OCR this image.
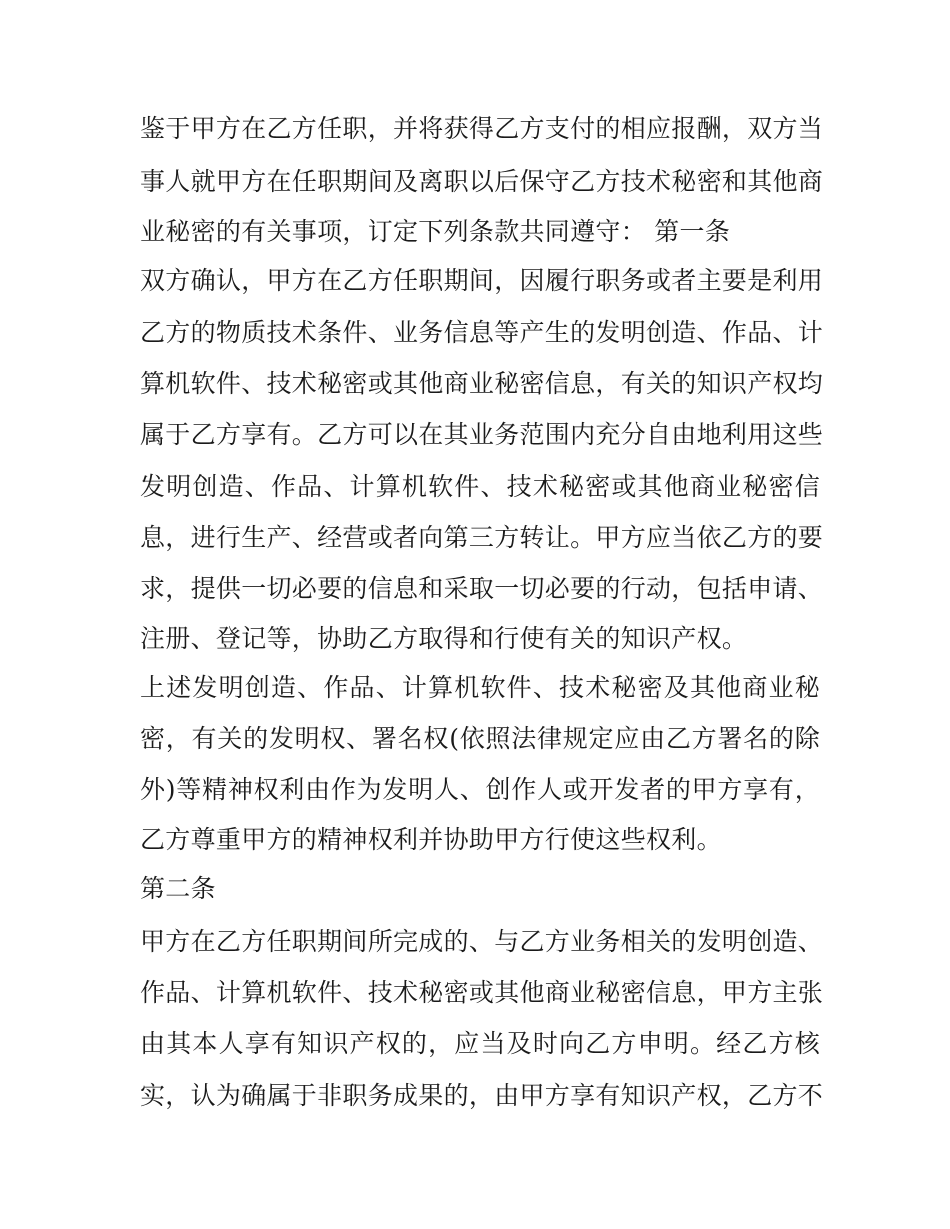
鉴于甲方在乙方任职，并将获得乙方支付的相应报酬，双方当
事人就甲方在任职期间及离职以后保守乙方技术秘密和其他商
业秘密的有关事项，订定下列条款共同遵守： 第一条
双方确认，甲方在乙方任职期间，因履行职务或者主要是利用
乙方的物质技术条件、业务信息等产生的发明创造、作品、计
算机软件、技术秘密或其他商业秘密信息，有关的知识产权均
属于乙方享有。乙方可以在其业务范围内充分自由地利用这些
发明创造、作品、计算机软件、技术秘密或其他商业秘密信
息，进行生产、经营或者向第三方转让。甲方应当依乙方的要
求，提供一切必要的信息和采取一切必要的行动，包括申请、
注册、登记等，协助乙方取得和行使有关的知识产权。
上述发明创造、作品、计算机软件、技术秘密及其他商业秘
密，有关的发明权、署名权(依照法律规定应由乙方署名的除
外)等精神权利由作为发明人、创作人或开发者的甲方享有，
乙方尊重甲方的精神权利并协助甲方行使这些权利。
第二条
甲方在乙方任职期间所完成的、与乙方业务相关的发明创造、
作品、计算机软件、技术秘密或其他商业秘密信息，甲方主张
由其本人享有知识产权的，应当及时向乙方申明。经乙方核
实，认为确属于非职务成果的，由甲方享有知识产权，乙方不
